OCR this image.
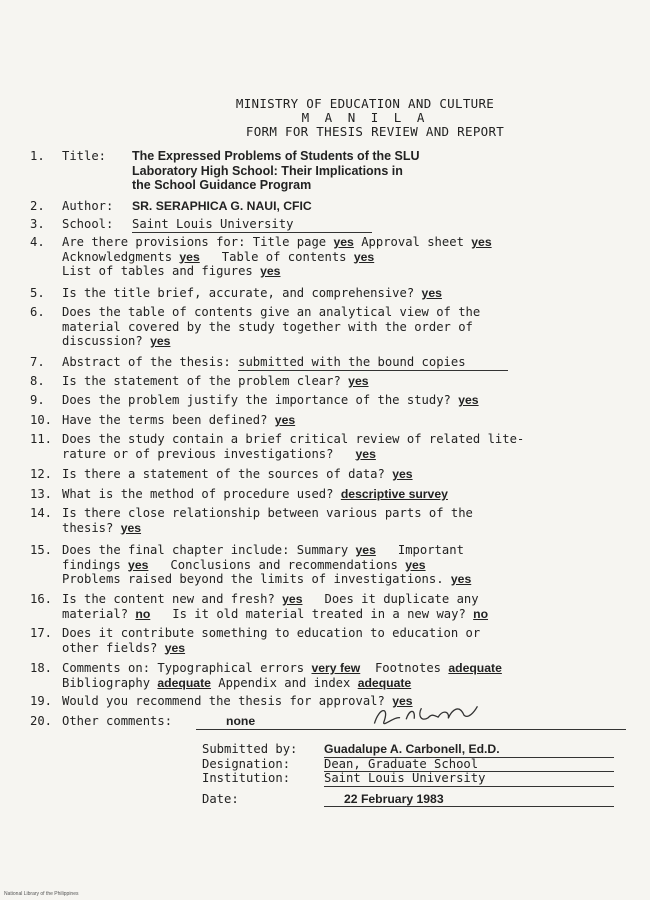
MINISTRY OF EDUCATION AND CULTURE
M A N I L A
FORM FOR THESIS REVIEW AND REPORT
1.	Title: The Expressed Problems of Students of the SLU
Laboratory High School: Their Implications in
the School Guidance Program
2.	Author: SR. SERAPHICA G. NAUI, CFIC
3.	School: Saint Louis University
4.	Are there provisions for: Title page yes Approval sheet yes
Acknowledgments yes Table of contents yes
List of tables and figures yes
5.	Is the title brief, accurate, and comprehensive? yes
6.	Does the table of contents give an analytical view of the
material covered by the study together with the order of
discussion? yes
7.	Abstract of the thesis: submitted with the bound copies
8.	Is the statement of the problem clear? yes
9.	Does the problem justify the importance of the study? yes
10. Have the terms been defined? yes
11. Does the study contain a brief critical review of related lite-
rature or of previous investigations? yes
12. Is there a statement of the sources of data? yes
13. What is the method of procedure used? descriptive survey
14. Is there close relationship between various parts of the
thesis? yes
15. Does the final chapter include: Summary yes Important
findings yes Conclusions and recommendations yes
Problems raised beyond the limits of investigations. yes
16. Is the content new and fresh? yes Does it duplicate any
material? no Is it old material treated in a new way? no
17. Does it contribute something to education to education or
other fields? yes
18. Comments on: Typographical errors very few Footnotes adequate
Bibliography adequate Appendix and index adequate
19. Would you recommend the thesis for approval? yes
20. Other comments:	none
Submitted by: Guadalupe A. Carbonell, Ed.D.
Designation:	Dean, Graduate School
Institution:	Saint Louis University
Date:	22 February 1983
National Library of the Philippines
